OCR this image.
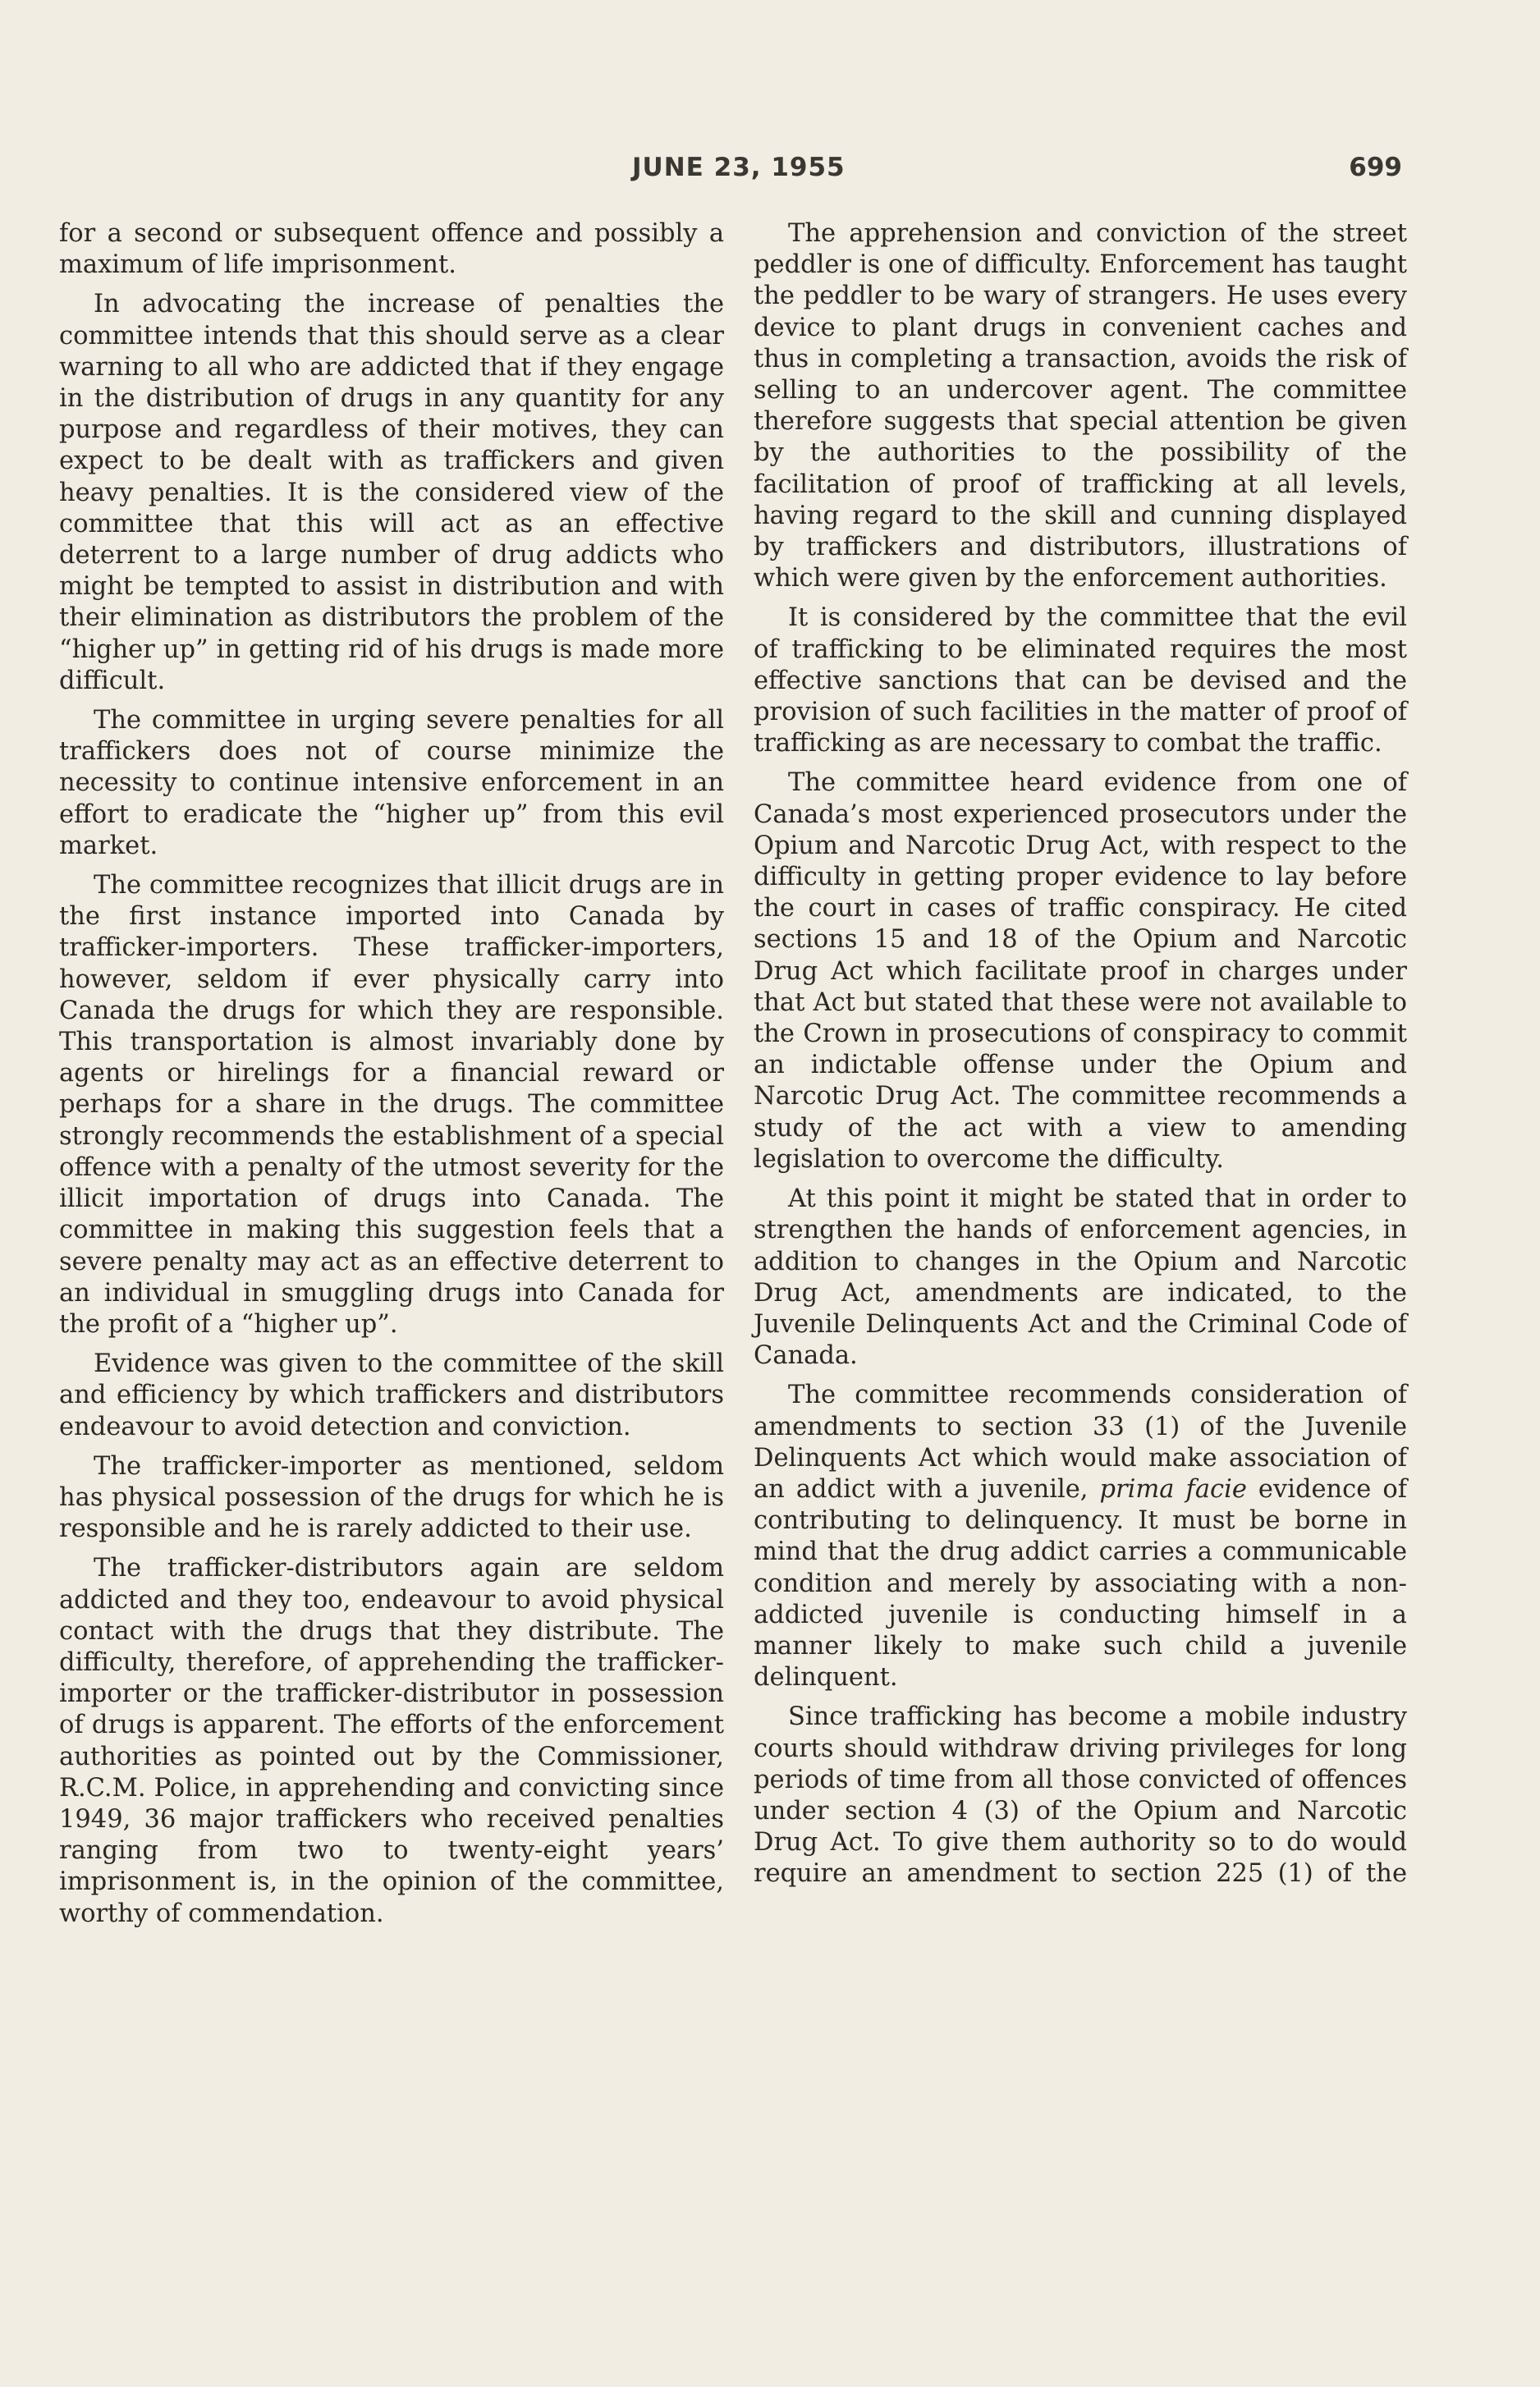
JUNE 23, 1955	699

for a second or subsequent offence and possibly a maximum of life imprisonment.

In advocating the increase of penalties the committee intends that this should serve as a clear warning to all who are addicted that if they engage in the distribution of drugs in any quantity for any purpose and regardless of their motives, they can expect to be dealt with as traffickers and given heavy penalties. It is the considered view of the committee that this will act as an effective deterrent to a large number of drug addicts who might be tempted to assist in distribution and with their elimination as distributors the problem of the “higher up” in getting rid of his drugs is made more difficult.

The committee in urging severe penalties for all traffickers does not of course minimize the necessity to continue intensive enforcement in an effort to eradicate the “higher up” from this evil market.

The committee recognizes that illicit drugs are in the first instance imported into Canada by trafficker-importers. These trafficker-importers, however, seldom if ever physically carry into Canada the drugs for which they are responsible. This transportation is almost invariably done by agents or hirelings for a financial reward or perhaps for a share in the drugs. The committee strongly recommends the establishment of a special offence with a penalty of the utmost severity for the illicit importation of drugs into Canada. The committee in making this suggestion feels that a severe penalty may act as an effective deterrent to an individual in smuggling drugs into Canada for the profit of a “higher up”.

Evidence was given to the committee of the skill and efficiency by which traffickers and distributors endeavour to avoid detection and conviction.

The trafficker-importer as mentioned, seldom has physical possession of the drugs for which he is responsible and he is rarely addicted to their use.

The trafficker-distributors again are seldom addicted and they too, endeavour to avoid physical contact with the drugs that they distribute. The difficulty, therefore, of apprehending the trafficker-importer or the trafficker-distributor in possession of drugs is apparent. The efforts of the enforcement authorities as pointed out by the Commissioner, R.C.M. Police, in apprehending and convicting since 1949, 36 major traffickers who received penalties ranging from two to twenty-eight years’ imprisonment is, in the opinion of the committee, worthy of commendation.

The apprehension and conviction of the street peddler is one of difficulty. Enforcement has taught the peddler to be wary of strangers. He uses every device to plant drugs in convenient caches and thus in completing a transaction, avoids the risk of selling to an undercover agent. The committee therefore suggests that special attention be given by the authorities to the possibility of the facilitation of proof of trafficking at all levels, having regard to the skill and cunning displayed by traffickers and distributors, illustrations of which were given by the enforcement authorities.

It is considered by the committee that the evil of trafficking to be eliminated requires the most effective sanctions that can be devised and the provision of such facilities in the matter of proof of trafficking as are necessary to combat the traffic.

The committee heard evidence from one of Canada’s most experienced prosecutors under the Opium and Narcotic Drug Act, with respect to the difficulty in getting proper evidence to lay before the court in cases of traffic conspiracy. He cited sections 15 and 18 of the Opium and Narcotic Drug Act which facilitate proof in charges under that Act but stated that these were not available to the Crown in prosecutions of conspiracy to commit an indictable offense under the Opium and Narcotic Drug Act. The committee recommends a study of the act with a view to amending legislation to overcome the difficulty.

At this point it might be stated that in order to strengthen the hands of enforcement agencies, in addition to changes in the Opium and Narcotic Drug Act, amendments are indicated, to the Juvenile Delinquents Act and the Criminal Code of Canada.

The committee recommends consideration of amendments to section 33 (1) of the Juvenile Delinquents Act which would make association of an addict with a juvenile, prima facie evidence of contributing to delinquency. It must be borne in mind that the drug addict carries a communicable condition and merely by associating with a non-addicted juvenile is conducting himself in a manner likely to make such child a juvenile delinquent.

Since trafficking has become a mobile industry courts should withdraw driving privileges for long periods of time from all those convicted of offences under section 4 (3) of the Opium and Narcotic Drug Act. To give them authority so to do would require an amendment to section 225 (1) of the
